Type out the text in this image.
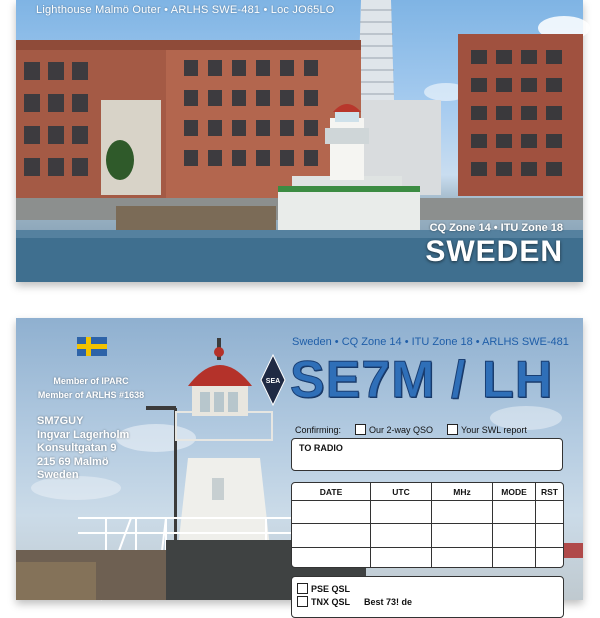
Lighthouse Malmö Outer • ARLHS SWE-481 • Loc JO65LO
CQ Zone 14 • ITU Zone 18
SWEDEN
Member of IPARC
Member of ARLHS #1638
SM7GUY
Ingvar Lagerholm
Konsultgatan 9
215 69 Malmö
Sweden
Sweden • CQ Zone 14 • ITU Zone 18 • ARLHS SWE-481
SEA SE7M / LH
Confirming:	Our 2-way QSO	Your SWL report
TO RADIO
DATE	UTC	MHz	MODE	RST

PSE QSL
TNX QSL Best 73! de
